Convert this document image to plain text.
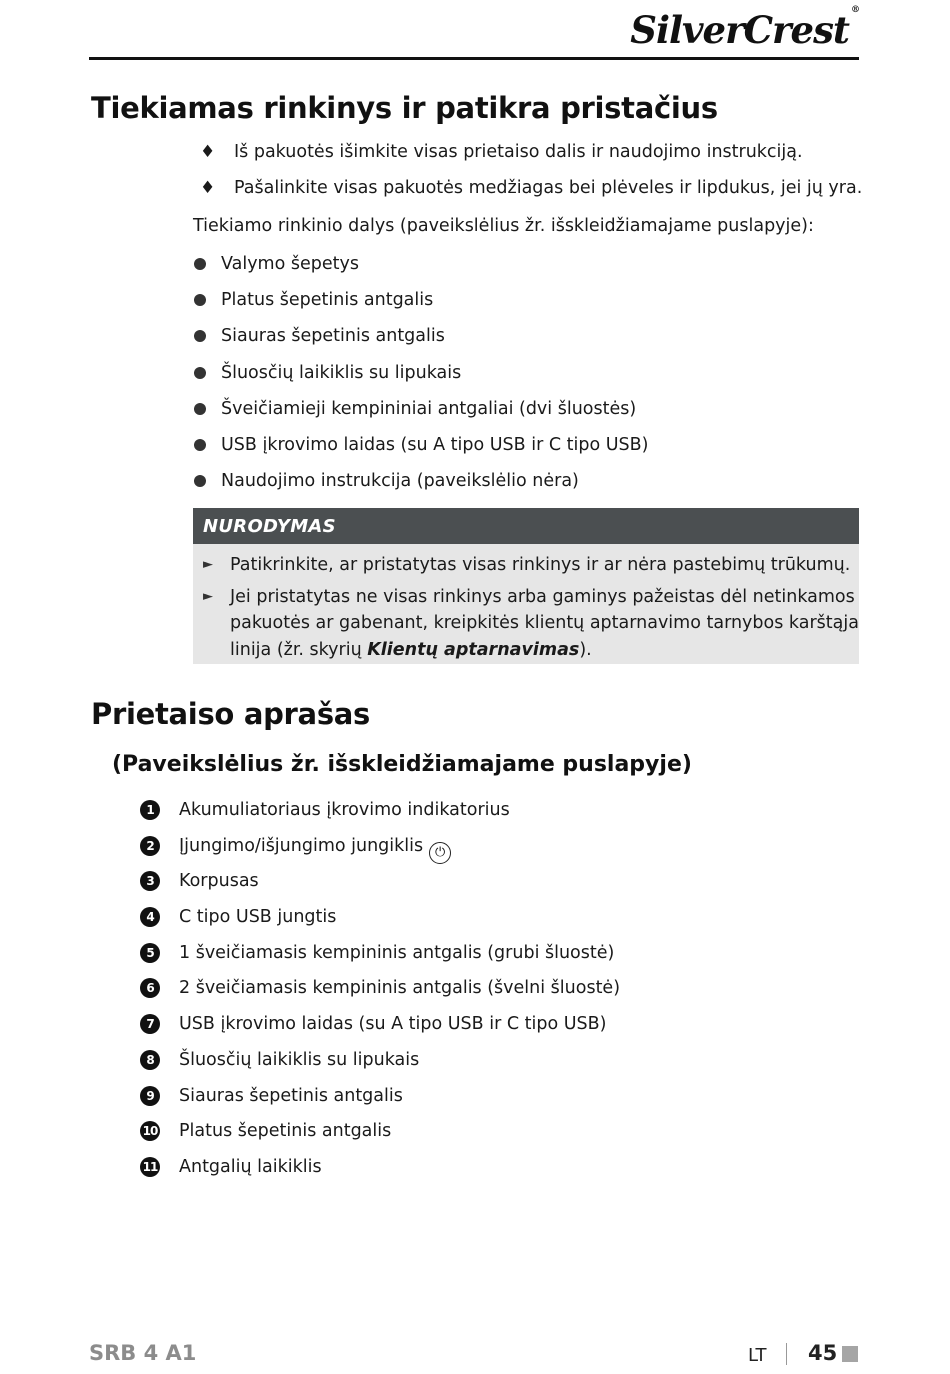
SilverCrest ®
Tiekiamas rinkinys ir patikra pristačius
♦ Iš pakuotės išimkite visas prietaiso dalis ir naudojimo instrukciją.
♦ Pašalinkite visas pakuotės medžiagas bei plėveles ir lipdukus, jei jų yra.

Tiekiamo rinkinio dalys (paveikslėlius žr. išskleidžiamajame puslapyje):

Valymo šepetys
Platus šepetinis antgalis
Siauras šepetinis antgalis
Šluosčių laikiklis su lipukais
Šveičiamieji kempininiai antgaliai (dvi šluostės)
USB įkrovimo laidas (su A tipo USB ir C tipo USB)
Naudojimo instrukcija (paveikslėlio nėra)
NURODYMAS
► Patikrinkite, ar pristatytas visas rinkinys ir ar nėra pastebimų trūkumų.
► Jei pristatytas ne visas rinkinys arba gaminys pažeistas dėl netinkamos pakuotės ar gabenant, kreipkitės klientų aptarnavimo tarnybos karštąja linija (žr. skyrių Klientų aptarnavimas).
Prietaiso aprašas
(Paveikslėlius žr. išskleidžiamajame puslapyje)
1	Akumuliatoriaus įkrovimo indikatorius
2	Įjungimo/išjungimo jungiklis ⏻
3	Korpusas
4	C tipo USB jungtis
5	1 šveičiamasis kempininis antgalis (grubi šluostė)
6	2 šveičiamasis kempininis antgalis (švelni šluostė)
7	USB įkrovimo laidas (su A tipo USB ir C tipo USB)
8	Šluosčių laikiklis su lipukais
9	Siauras šepetinis antgalis
10 Platus šepetinis antgalis
11 Antgalių laikiklis
SRB 4 A1	LT 45
